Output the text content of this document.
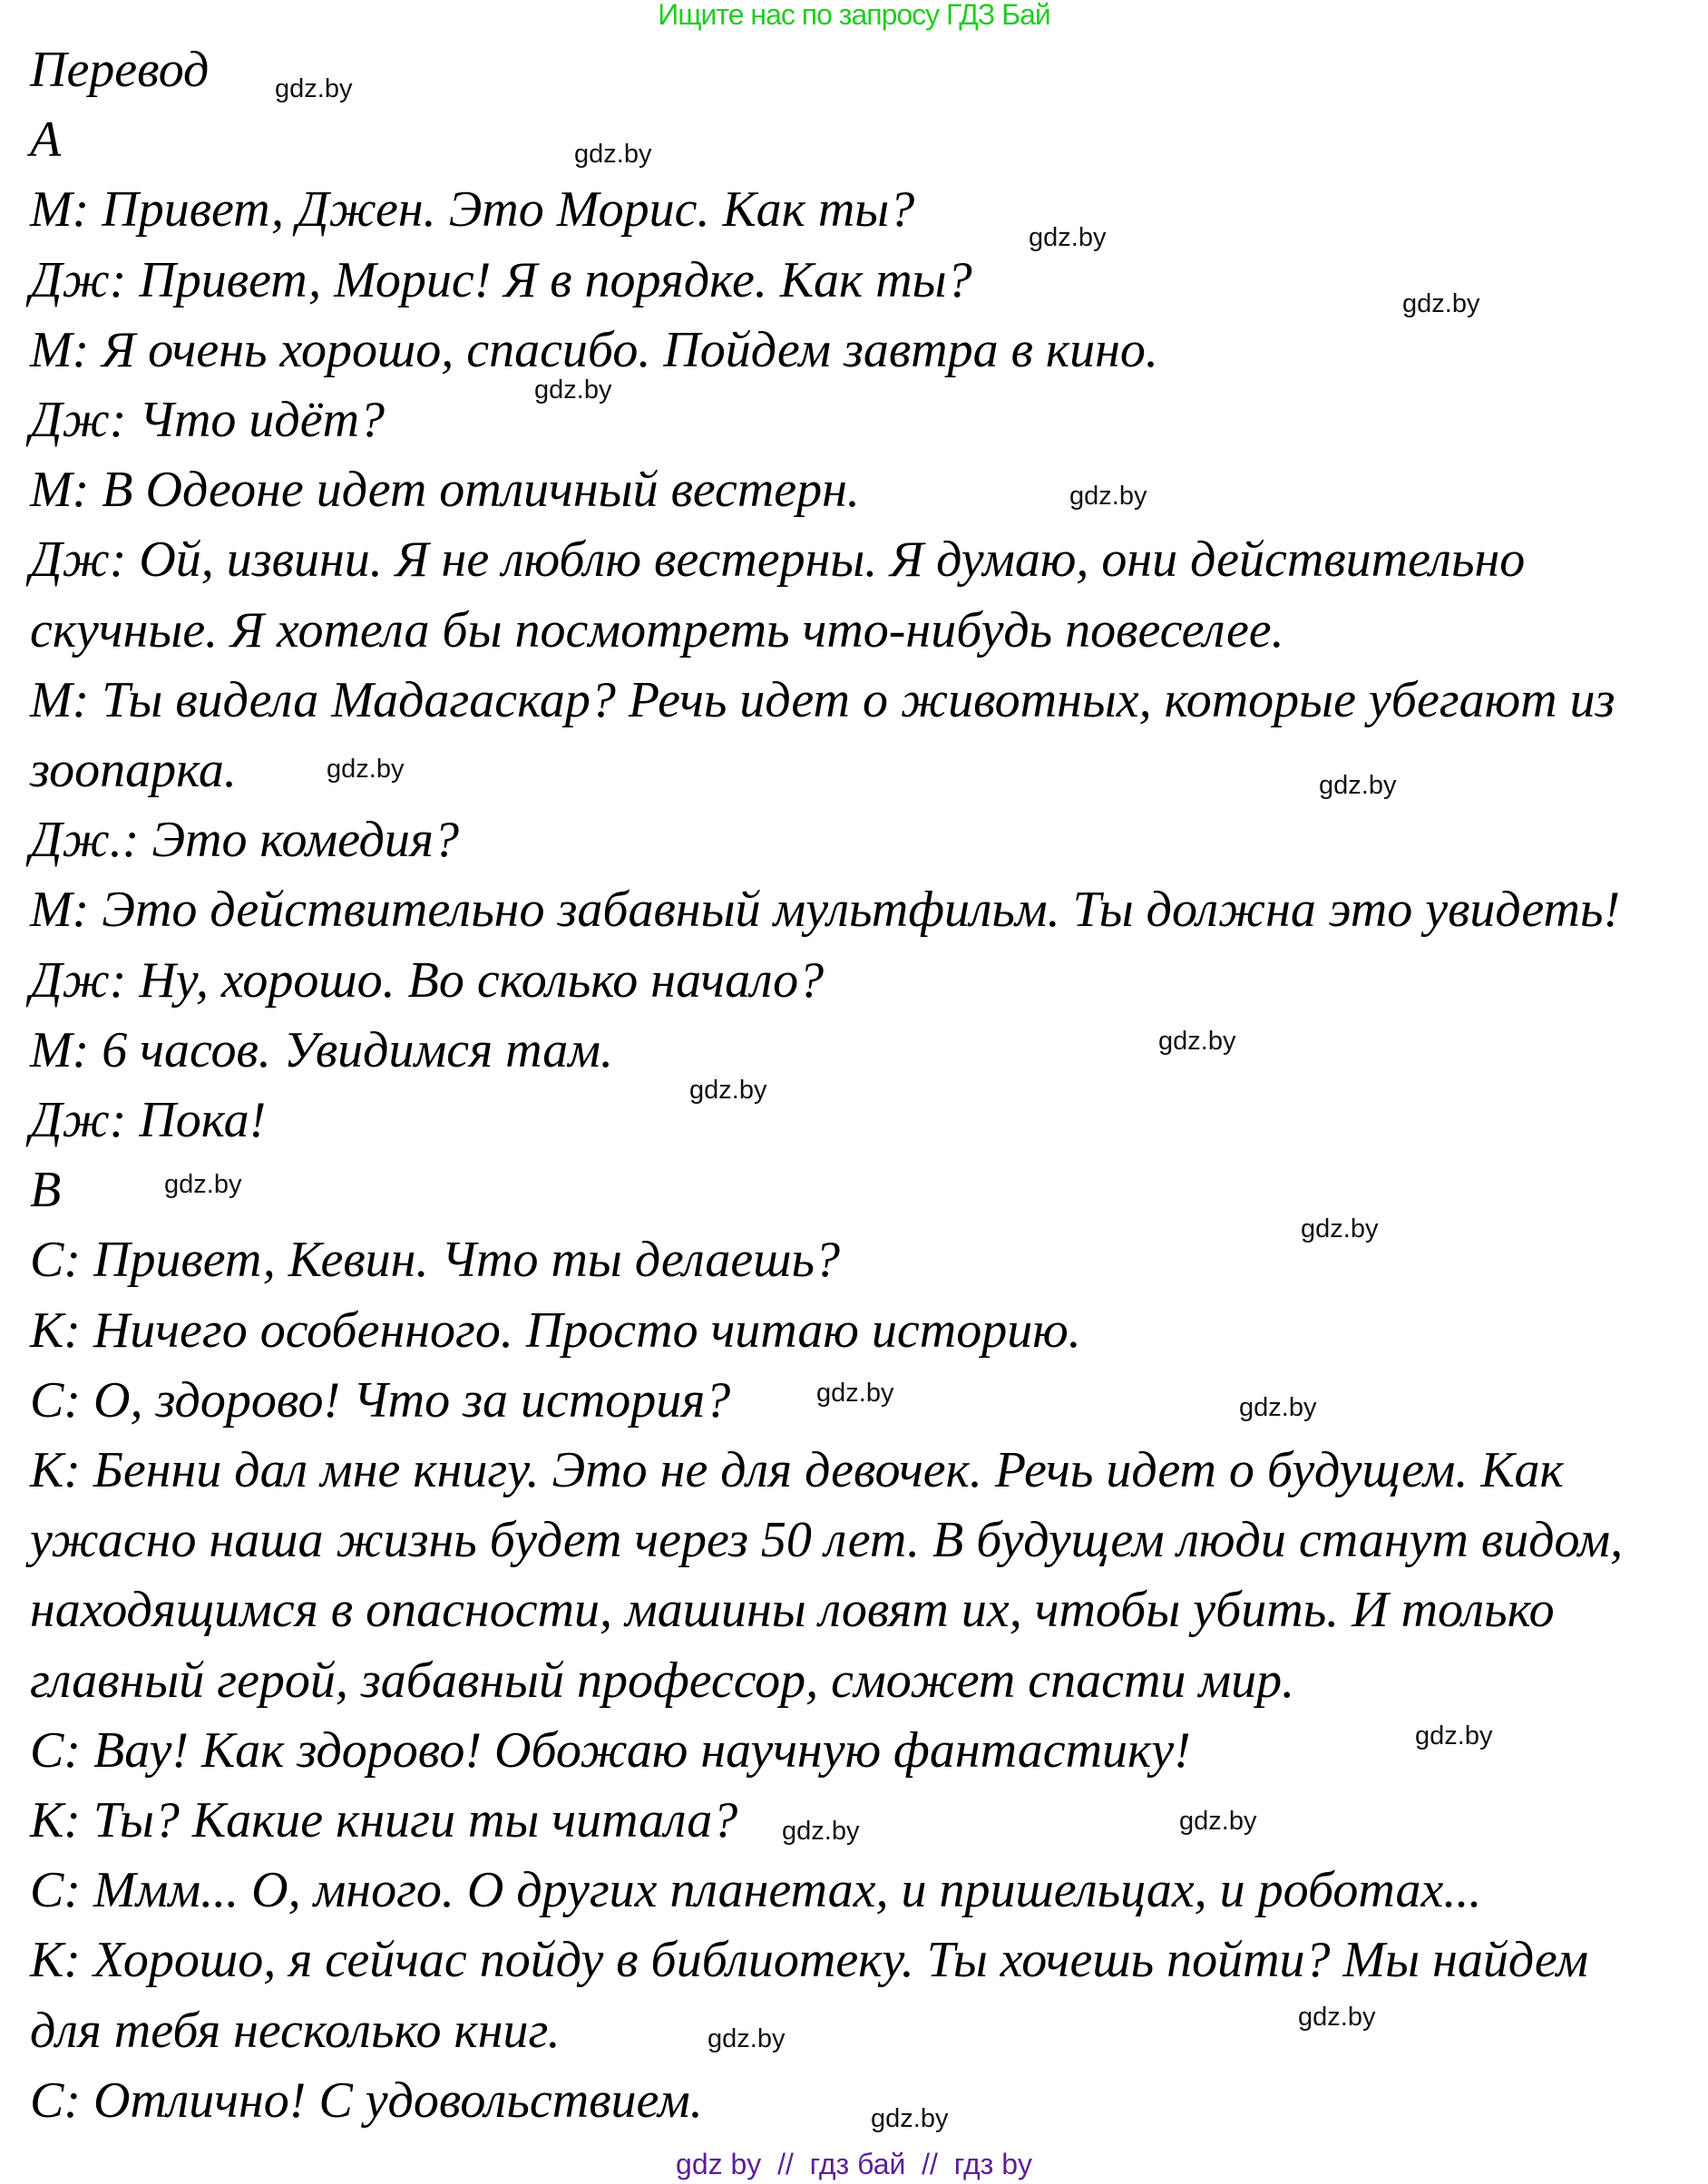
Ищите нас по запросу ГДЗ Бай
Перевод
A
М: Привет, Джен. Это Морис. Как ты?
Дж: Привет, Морис! Я в порядке. Как ты?
М: Я очень хорошо, спасибо. Пойдем завтра в кино.
Дж: Что идёт?
М: В Одеоне идет отличный вестерн.
Дж: Ой, извини. Я не люблю вестерны. Я думаю, они действительно
скучные. Я хотела бы посмотреть что-нибудь повеселее.
М: Ты видела Мадагаскар? Речь идет о животных, которые убегают из
зоопарка.
Дж.: Это комедия?
М: Это действительно забавный мультфильм. Ты должна это увидеть!
Дж: Ну, хорошо. Во сколько начало?
М: 6 часов. Увидимся там.
Дж: Пока!
B
С: Привет, Кевин. Что ты делаешь?
К: Ничего особенного. Просто читаю историю.
С: О, здорово! Что за история?
К: Бенни дал мне книгу. Это не для девочек. Речь идет о будущем. Как
ужасно наша жизнь будет через 50 лет. В будущем люди станут видом,
находящимся в опасности, машины ловят их, чтобы убить. И только
главный герой, забавный профессор, сможет спасти мир.
С: Вау! Как здорово! Обожаю научную фантастику!
К: Ты? Какие книги ты читала?
С: Ммм... О, много. О других планетах, и пришельцах, и роботах...
К: Хорошо, я сейчас пойду в библиотеку. Ты хочешь пойти? Мы найдем
для тебя несколько книг.
С: Отлично! С удовольствием.
gdz.by
gdz.by
gdz.by
gdz.by
gdz.by
gdz.by
gdz.by
gdz.by
gdz.by
gdz.by
gdz.by
gdz.by
gdz.by	gdz.by
gdz.by
gdz.by
gdz.by
gdz.by
gdz.by
gdz.by
gdz by  //  гдз бай  //  гдз by
